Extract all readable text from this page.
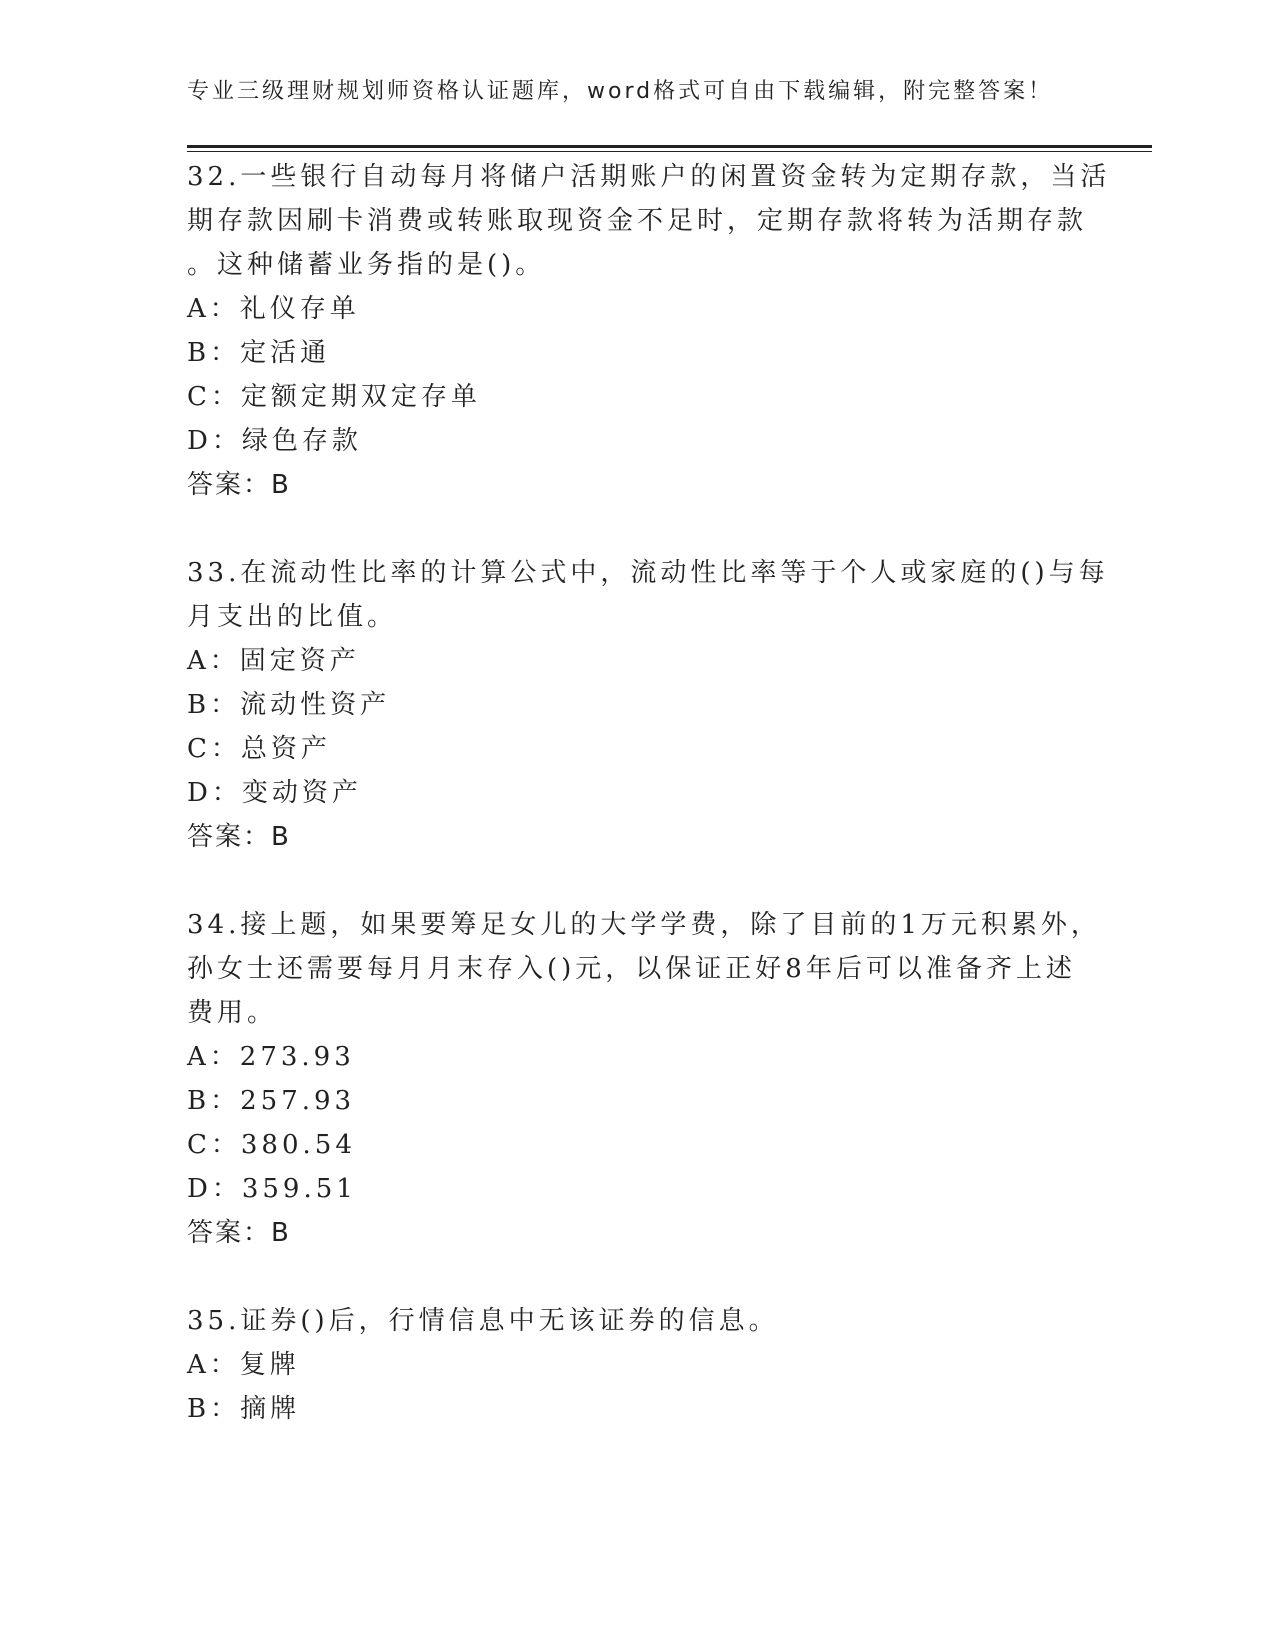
专业三级理财规划师资格认证题库，word格式可自由下载编辑，附完整答案！
32.一些银行自动每月将储户活期账户的闲置资金转为定期存款，当活
期存款因刷卡消费或转账取现资金不足时，定期存款将转为活期存款
。这种储蓄业务指的是()。
A：礼仪存单
B：定活通
C：定额定期双定存单
D：绿色存款
答案：B
33.在流动性比率的计算公式中，流动性比率等于个人或家庭的()与每
月支出的比值。
A：固定资产
B：流动性资产
C：总资产
D：变动资产
答案：B
34.接上题，如果要筹足女儿的大学学费，除了目前的1万元积累外，
孙女士还需要每月月末存入()元，以保证正好8年后可以准备齐上述
费用。
A：273.93
B：257.93
C：380.54
D：359.51
答案：B
35.证券()后，行情信息中无该证券的信息。
A：复牌
B：摘牌
